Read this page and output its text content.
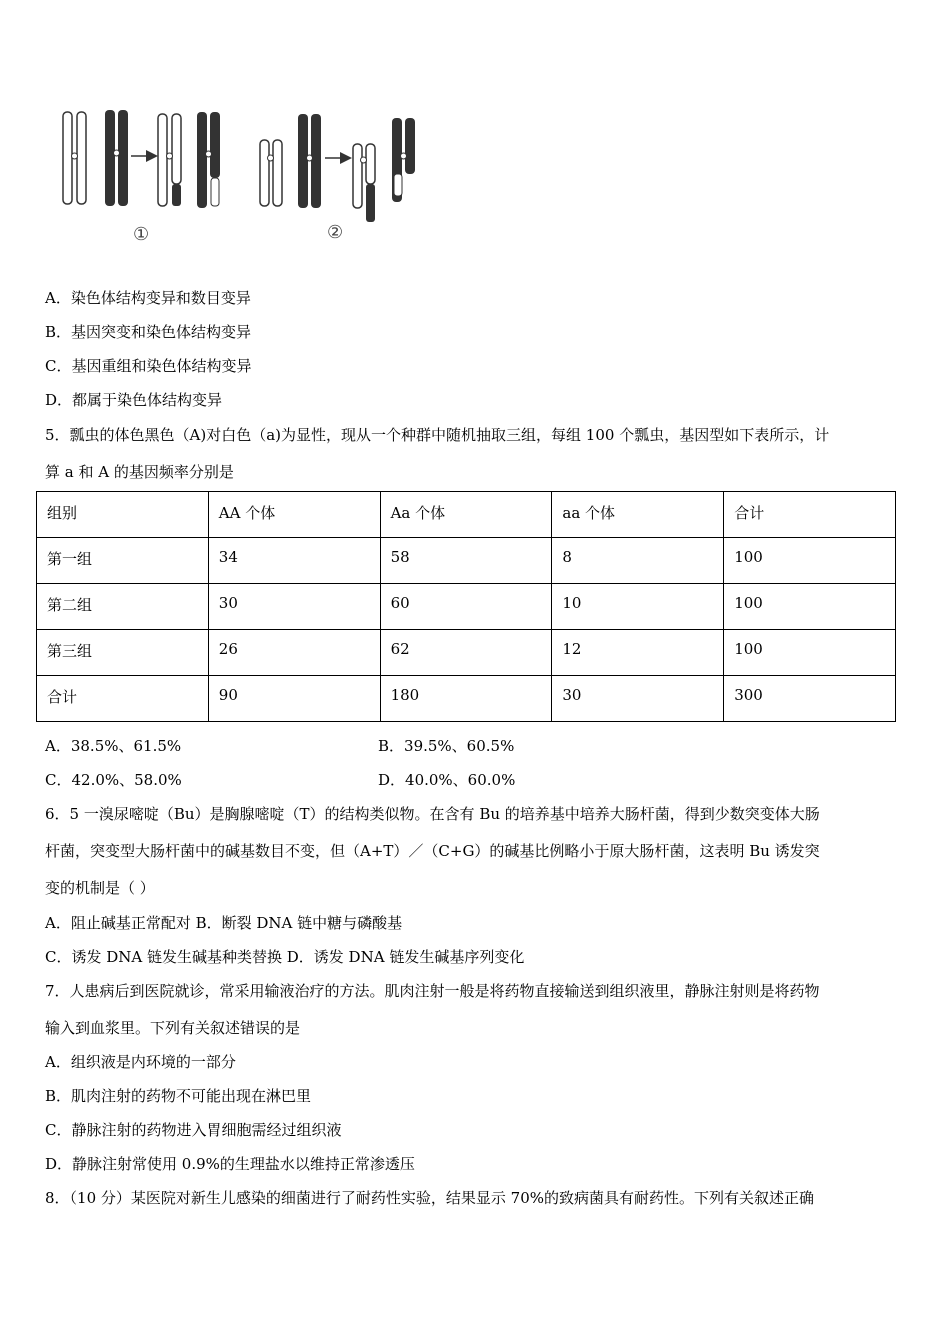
①	②
A．染色体结构变异和数目变异
B．基因突变和染色体结构变异
C．基因重组和染色体结构变异
D．都属于染色体结构变异
5．瓢虫的体色黑色（A)对白色（a)为显性，现从一个种群中随机抽取三组，每组 100 个瓢虫，基因型如下表所示，计
算 a 和 A 的基因频率分别是
组别	AA 个体	Aa 个体	aa 个体	合计
第一组	34	58	8	100
第二组	30	60	10	100
第三组	26	62	12	100
合计	90	180	30	300
A．38.5%、61.5%	B．39.5%、60.5%
C．42.0%、58.0%	D．40.0%、60.0%
6．5 一溴尿嘧啶（Bu）是胸腺嘧啶（T）的结构类似物。在含有 Bu 的培养基中培养大肠杆菌，得到少数突变体大肠
杆菌，突变型大肠杆菌中的碱基数目不变，但（A+T）／（C+G）的碱基比例略小于原大肠杆菌，这表明 Bu 诱发突
变的机制是（ ）
A．阻止碱基正常配对 B．断裂 DNA 链中糖与磷酸基
C．诱发 DNA 链发生碱基种类替换 D．诱发 DNA 链发生碱基序列变化
7．人患病后到医院就诊，常采用输液治疗的方法。肌肉注射一般是将药物直接输送到组织液里，静脉注射则是将药物
输入到血浆里。下列有关叙述错误的是
A．组织液是内环境的一部分
B．肌肉注射的药物不可能出现在淋巴里
C．静脉注射的药物进入胃细胞需经过组织液
D．静脉注射常使用 0.9%的生理盐水以维持正常渗透压
8．（10 分）某医院对新生儿感染的细菌进行了耐药性实验，结果显示 70%的致病菌具有耐药性。下列有关叙述正确
